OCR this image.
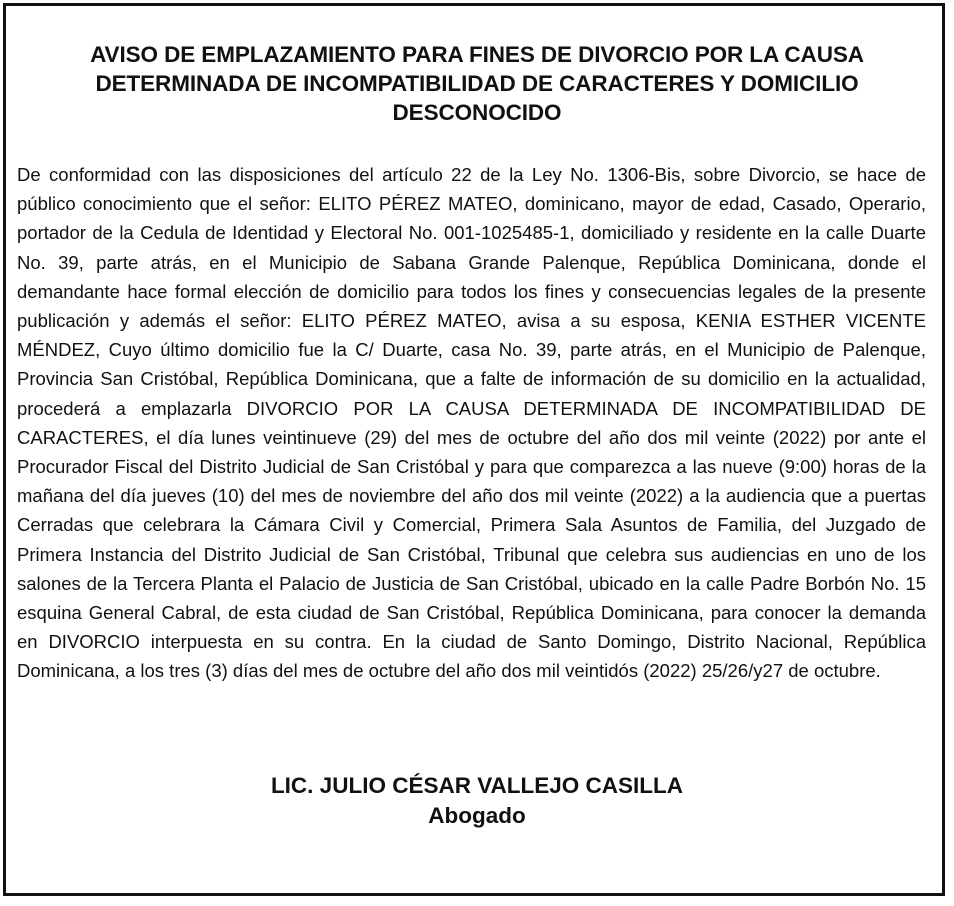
AVISO DE EMPLAZAMIENTO PARA FINES DE DIVORCIO POR LA CAUSA DETERMINADA DE INCOMPATIBILIDAD DE CARACTERES Y DOMICILIO DESCONOCIDO

De conformidad con las disposiciones del artículo 22 de la Ley No. 1306-Bis, sobre Divorcio, se hace de público conocimiento que el señor: ELITO PÉREZ MATEO, dominicano, mayor de edad, Casado, Operario, portador de la Cedula de Identidad y Electoral No. 001-1025485-1, domiciliado y residente en la calle Duarte No. 39, parte atrás, en el Municipio de Sabana Grande Palenque, República Dominicana, donde el demandante hace formal elección de domicilio para todos los fines y consecuencias legales de la presente publicación y además el señor: ELITO PÉREZ MATEO, avisa a su esposa, KENIA ESTHER VICENTE MÉNDEZ, Cuyo último domicilio fue la C/ Duarte, casa No. 39, parte atrás, en el Municipio de Palenque, Provincia San Cristóbal, República Dominicana, que a falte de información de su domicilio en la actualidad, procederá a emplazarla DIVORCIO POR LA CAUSA DETERMINADA DE INCOMPATIBILIDAD DE CARACTERES, el día lunes veintinueve (29) del mes de octubre del año dos mil veinte (2022) por ante el Procurador Fiscal del Distrito Judicial de San Cristóbal y para que comparezca a las nueve (9:00) horas de la mañana del día jueves (10) del mes de noviembre del año dos mil veinte (2022) a la audiencia que a puertas Cerradas que celebrara la Cámara Civil y Comercial, Primera Sala Asuntos de Familia, del Juzgado de Primera Instancia del Distrito Judicial de San Cristóbal, Tribunal que celebra sus audiencias en uno de los salones de la Tercera Planta el Palacio de Justicia de San Cristóbal, ubicado en la calle Padre Borbón No. 15 esquina General Cabral, de esta ciudad de San Cristóbal, República Dominicana, para conocer la demanda en DIVORCIO interpuesta en su contra. En la ciudad de Santo Domingo, Distrito Nacional, República Dominicana, a los tres (3) días del mes de octubre del año dos mil veintidós (2022) 25/26/y27 de octubre.

LIC. JULIO CÉSAR VALLEJO CASILLA
Abogado
